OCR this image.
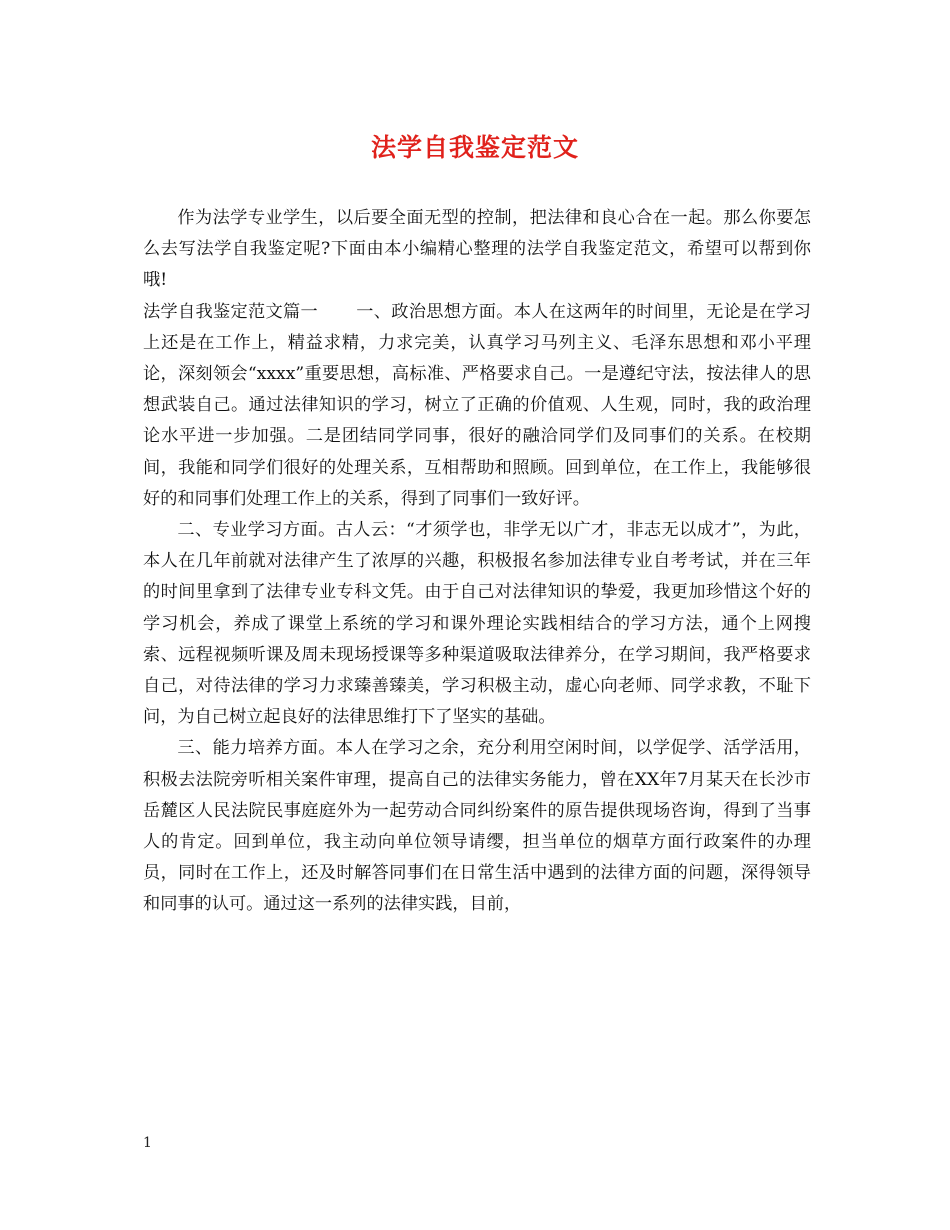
法学自我鉴定范文

作为法学专业学生，以后要全面无型的控制，把法律和良心合在一起。那么你要怎么去写法学自我鉴定呢?下面由本小编精心整理的法学自我鉴定范文，希望可以帮到你哦!

法学自我鉴定范文篇一 一、政治思想方面。本人在这两年的时间里，无论是在学习上还是在工作上，精益求精，力求完美，认真学习马列主义、毛泽东思想和邓小平理论，深刻领会“xxxx”重要思想，高标准、严格要求自己。一是遵纪守法，按法律人的思想武装自己。通过法律知识的学习，树立了正确的价值观、人生观，同时，我的政治理论水平进一步加强。二是团结同学同事，很好的融洽同学们及同事们的关系。在校期间，我能和同学们很好的处理关系，互相帮助和照顾。回到单位，在工作上，我能够很好的和同事们处理工作上的关系，得到了同事们一致好评。

二、专业学习方面。古人云：“才须学也，非学无以广才，非志无以成才”，为此，本人在几年前就对法律产生了浓厚的兴趣，积极报名参加法律专业自考考试，并在三年的时间里拿到了法律专业专科文凭。由于自己对法律知识的挚爱，我更加珍惜这个好的学习机会，养成了课堂上系统的学习和课外理论实践相结合的学习方法，通个上网搜索、远程视频听课及周未现场授课等多种渠道吸取法律养分，在学习期间，我严格要求自己，对待法律的学习力求臻善臻美，学习积极主动，虚心向老师、同学求教，不耻下问，为自己树立起良好的法律思维打下了坚实的基础。

三、能力培养方面。本人在学习之余，充分利用空闲时间，以学促学、活学活用，积极去法院旁听相关案件审理，提高自己的法律实务能力，曾在XX年7月某天在长沙市岳麓区人民法院民事庭庭外为一起劳动合同纠纷案件的原告提供现场咨询，得到了当事人的肯定。回到单位，我主动向单位领导请缨，担当单位的烟草方面行政案件的办理员，同时在工作上，还及时解答同事们在日常生活中遇到的法律方面的问题，深得领导和同事的认可。通过这一系列的法律实践，目前，

1
